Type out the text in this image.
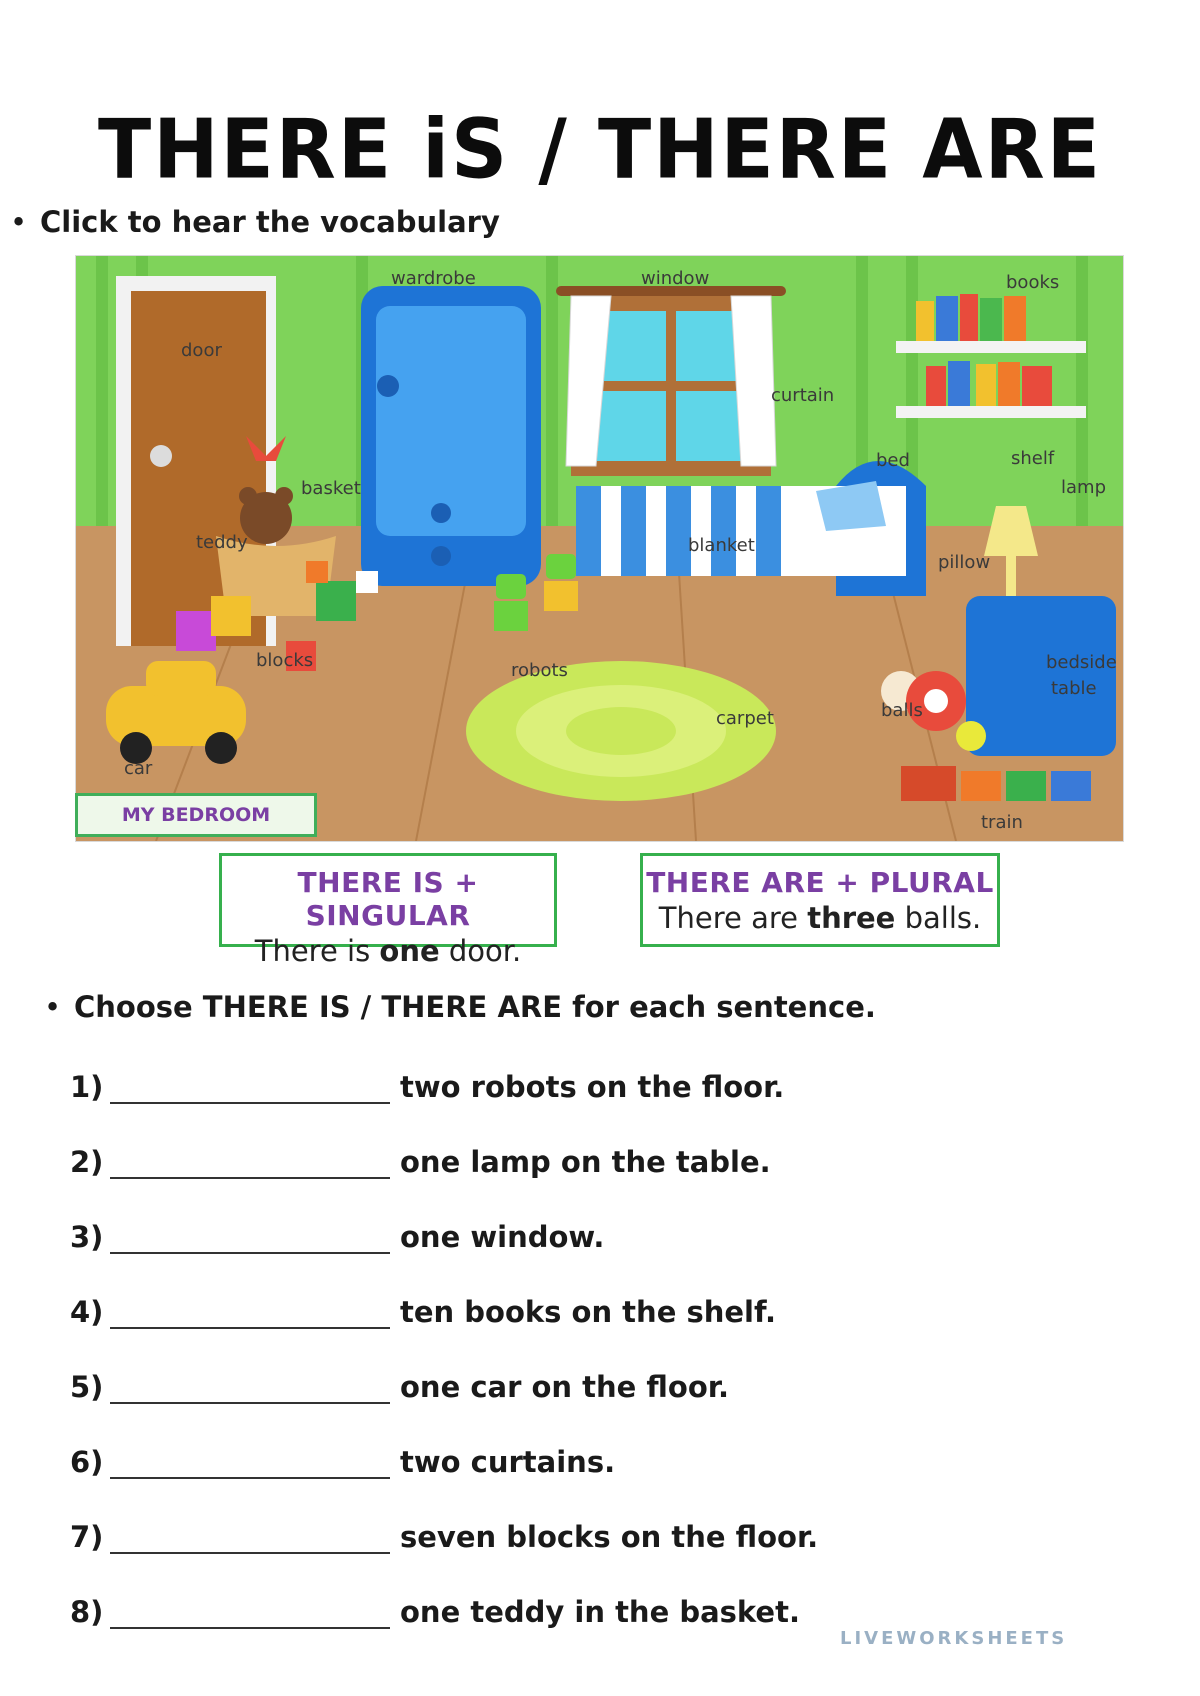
THERE iS / THERE ARE
• Click to hear the vocabulary
wardrobe	window	books
door
curtain
bed	shelf
lamp
basket
teddy	blanket
pillow
blocks	robots	bedside
table
carpet	balls
car
train
MY BEDROOM
THERE IS + SINGULAR
There is one door.
THERE ARE + PLURAL
There are three balls.
• Choose THERE IS / THERE ARE for each sentence.
1)	two robots on the floor.
2)	one lamp on the table.
3)	one window.
4)	ten books on the shelf.
5)	one car on the floor.
6)	two curtains.
7)	seven blocks on the floor.
8)	one teddy in the basket.
LIVEWORKSHEETS
